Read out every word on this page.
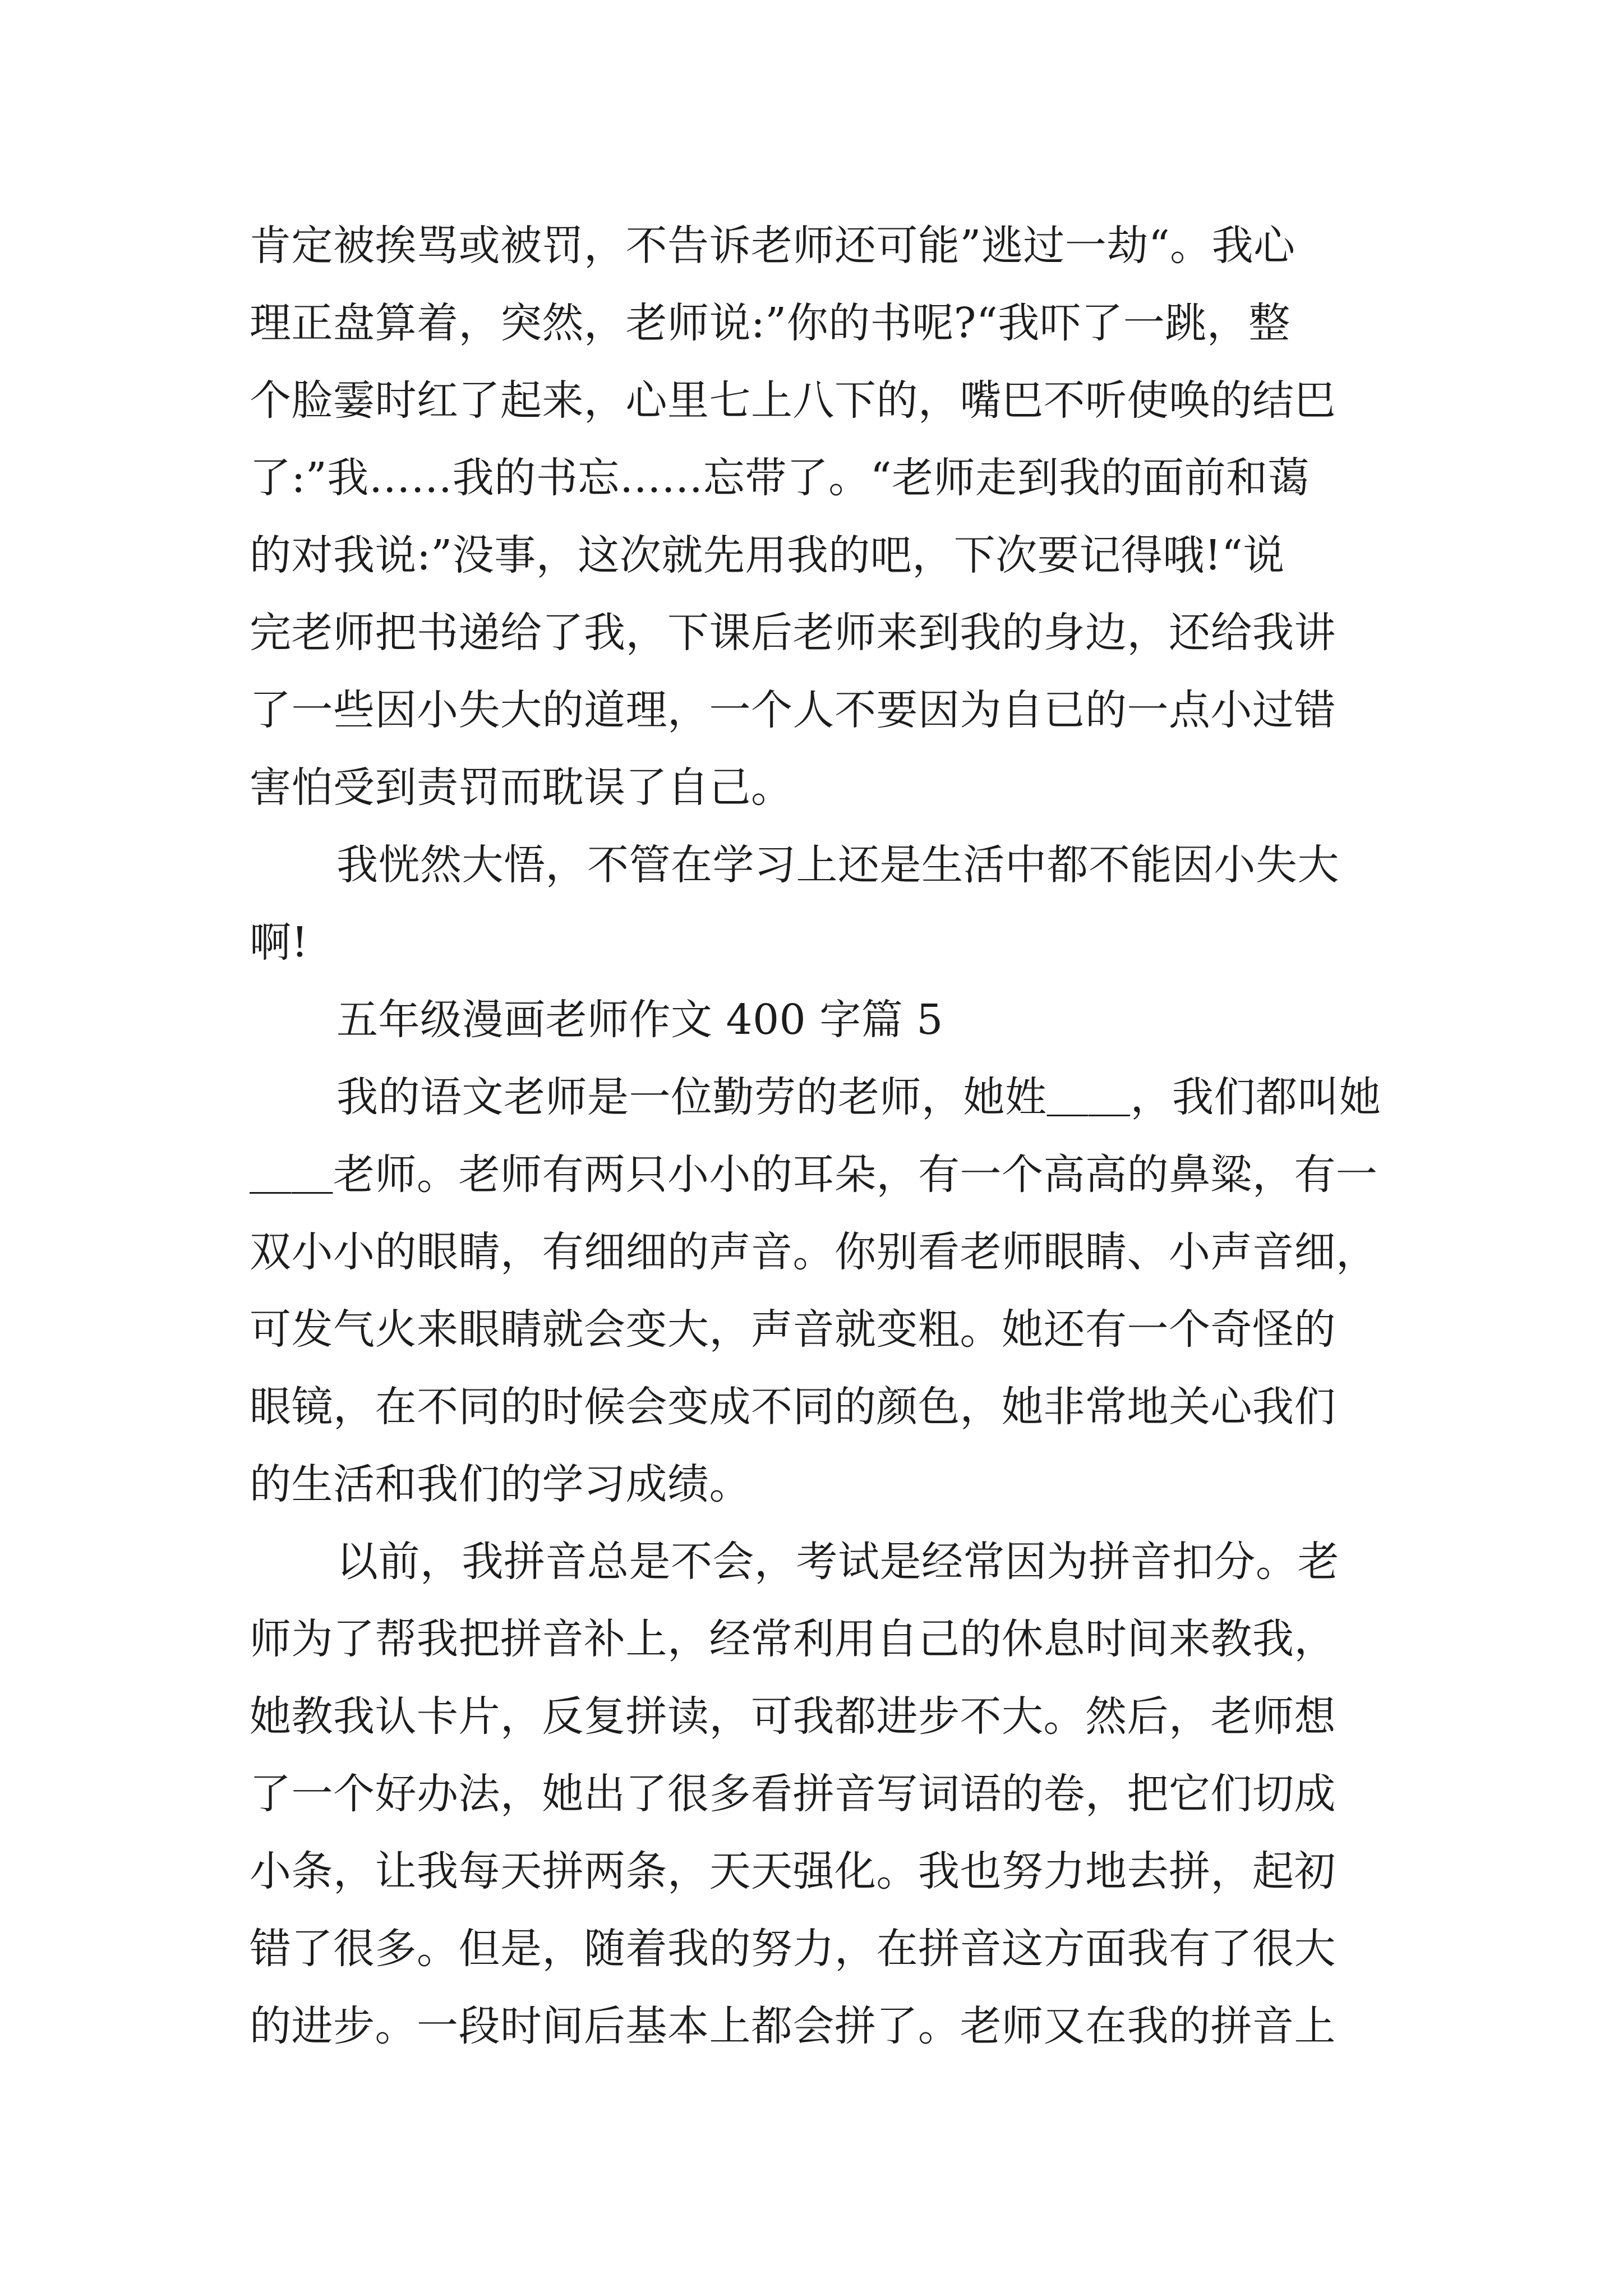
肯定被挨骂或被罚，不告诉老师还可能”逃过一劫“。我心
理正盘算着，突然，老师说:”你的书呢?“我吓了一跳，整
个脸霎时红了起来，心里七上八下的，嘴巴不听使唤的结巴
了:”我……我的书忘……忘带了。“老师走到我的面前和蔼
的对我说:”没事，这次就先用我的吧，下次要记得哦!“说
完老师把书递给了我，下课后老师来到我的身边，还给我讲
了一些因小失大的道理，一个人不要因为自已的一点小过错
害怕受到责罚而耽误了自己。
我恍然大悟，不管在学习上还是生活中都不能因小失大
啊!
五年级漫画老师作文 400 字篇 5
我的语文老师是一位勤劳的老师，她姓＿＿，我们都叫她
＿＿老师。老师有两只小小的耳朵，有一个高高的鼻粱，有一
双小小的眼睛，有细细的声音。你别看老师眼睛、小声音细，
可发气火来眼睛就会变大，声音就变粗。她还有一个奇怪的
眼镜，在不同的时候会变成不同的颜色，她非常地关心我们
的生活和我们的学习成绩。
以前，我拼音总是不会，考试是经常因为拼音扣分。老
师为了帮我把拼音补上，经常利用自己的休息时间来教我，
她教我认卡片，反复拼读，可我都进步不大。然后，老师想
了一个好办法，她出了很多看拼音写词语的卷，把它们切成
小条，让我每天拼两条，天天强化。我也努力地去拼，起初
错了很多。但是，随着我的努力，在拼音这方面我有了很大
的进步。一段时间后基本上都会拼了。老师又在我的拼音上
